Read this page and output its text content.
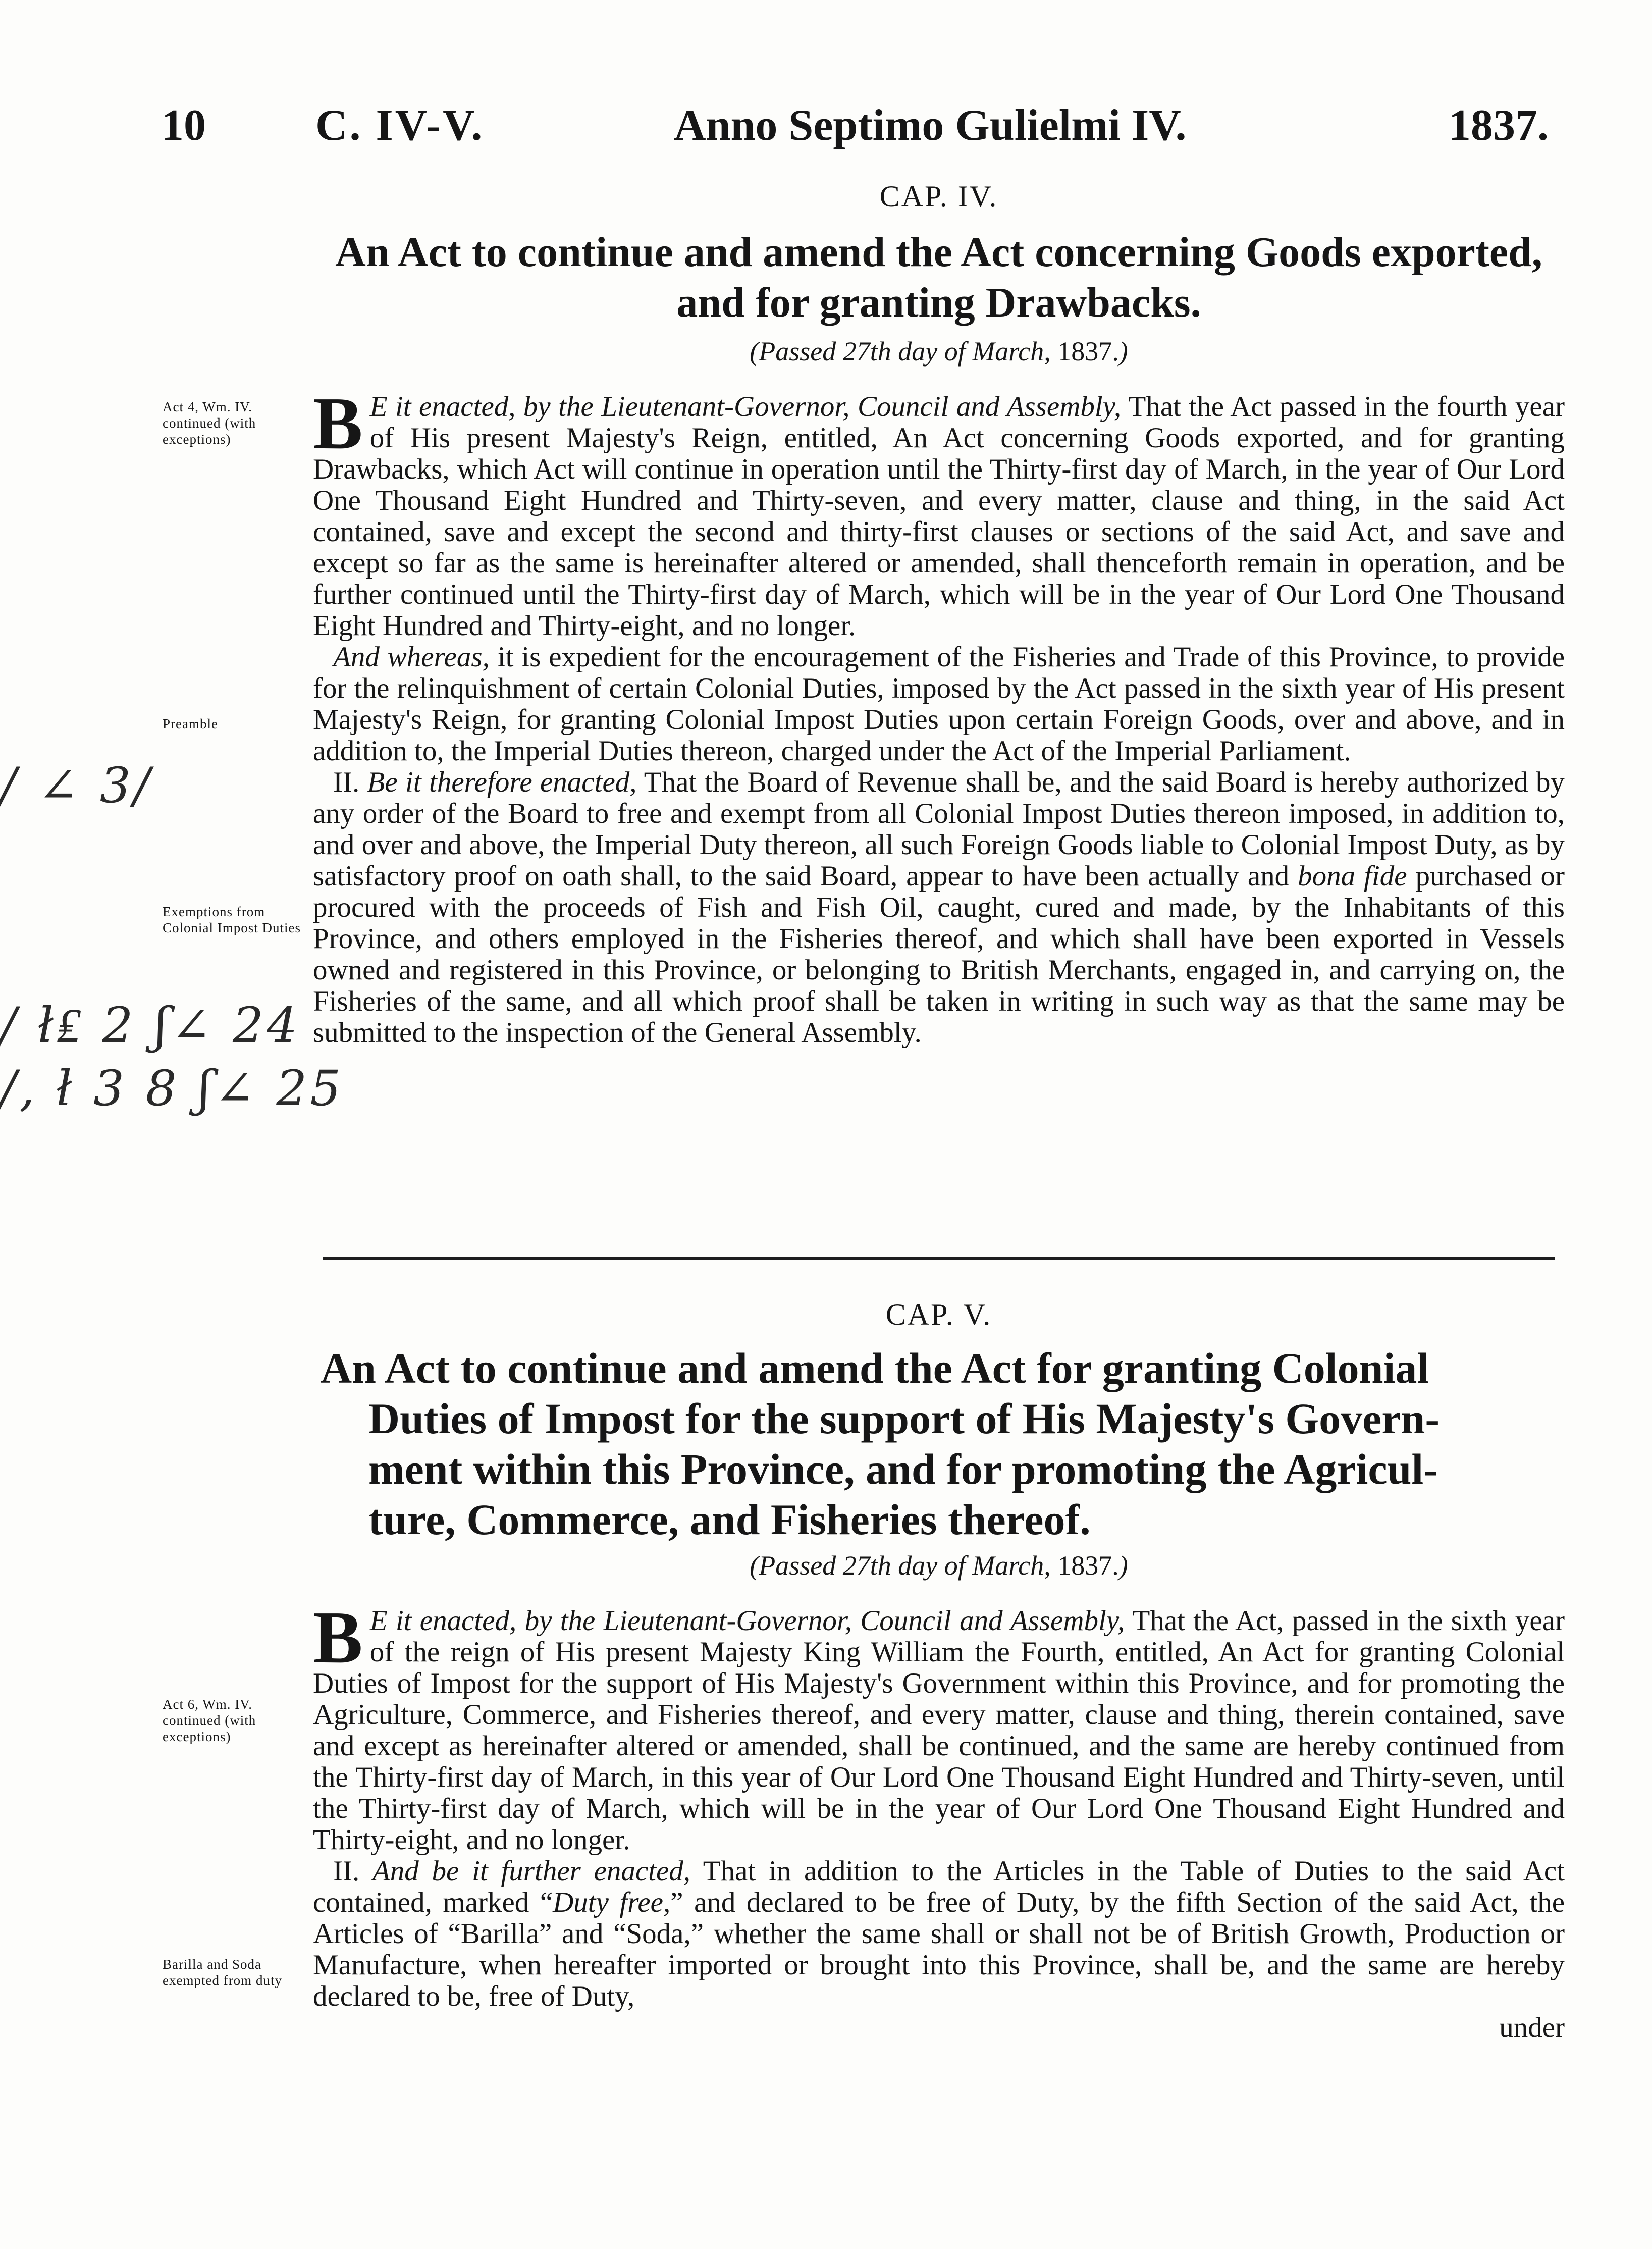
10 C. IV-V.	Anno Septimo Gulielmi IV.	1837.
CAP. IV.
An Act to continue and amend the Act concerning Goods exported, and for granting Drawbacks.
(Passed 27th day of March, 1837.)
Act 4, Wm. IV. continued (with exceptions)
Preamble
Exemptions from Colonial Impost Duties

B E it enacted, by the Lieutenant-Governor, Council and Assembly, That the Act passed in the fourth year of His present Majesty's Reign, entitled, An Act concerning Goods exported, and for granting Drawbacks, which Act will continue in operation until the Thirty-first day of March, in the year of Our Lord One Thousand Eight Hundred and Thirty-seven, and every matter, clause and thing, in the said Act contained, save and except the second and thirty-first clauses or sections of the said Act, and save and except so far as the same is hereinafter altered or amended, shall thenceforth remain in operation, and be further continued until the Thirty-first day of March, which will be in the year of Our Lord One Thousand Eight Hundred and Thirty-eight, and no longer.

And whereas, it is expedient for the encouragement of the Fisheries and Trade of this Province, to provide for the relinquishment of certain Colonial Duties, imposed by the Act passed in the sixth year of His present Majesty's Reign, for granting Colonial Impost Duties upon certain Foreign Goods, over and above, and in addition to, the Imperial Duties thereon, charged under the Act of the Imperial Parliament.

II. Be it therefore enacted, That the Board of Revenue shall be, and the said Board is hereby authorized by any order of the Board to free and exempt from all Colonial Impost Duties thereon imposed, in addition to, and over and above, the Imperial Duty thereon, all such Foreign Goods liable to Colonial Impost Duty, as by satisfactory proof on oath shall, to the said Board, appear to have been actually and bona fide purchased or procured with the proceeds of Fish and Fish Oil, caught, cured and made, by the Inhabitants of this Province, and others employed in the Fisheries thereof, and which shall have been exported in Vessels owned and registered in this Province, or belonging to British Merchants, engaged in, and carrying on, the Fisheries of the same, and all which proof shall be taken in writing in such way as that the same may be submitted to the inspection of the General Assembly.

/ ∠ 3/
/ ł₤ 2 ʃ∠ 24
/, ł 3 8 ʃ∠ 25
CAP. V.
An Act to continue and amend the Act for granting Colonial
Duties of Impost for the support of His Majesty's Govern-
ment within this Province, and for promoting the Agricul-
ture, Commerce, and Fisheries thereof.
(Passed 27th day of March, 1837.)
Act 6, Wm. IV. continued (with exceptions)
Barilla and Soda exempted from duty

B E it enacted, by the Lieutenant-Governor, Council and Assembly, That the Act, passed in the sixth year of the reign of His present Majesty King William the Fourth, entitled, An Act for granting Colonial Duties of Impost for the support of His Majesty's Government within this Province, and for promoting the Agriculture, Commerce, and Fisheries thereof, and every matter, clause and thing, therein contained, save and except as hereinafter altered or amended, shall be continued, and the same are hereby continued from the Thirty-first day of March, in this year of Our Lord One Thousand Eight Hundred and Thirty-seven, until the Thirty-first day of March, which will be in the year of Our Lord One Thousand Eight Hundred and Thirty-eight, and no longer.

II. And be it further enacted, That in addition to the Articles in the Table of Duties to the said Act contained, marked “Duty free,” and declared to be free of Duty, by the fifth Section of the said Act, the Articles of “Barilla” and “Soda,” whether the same shall or shall not be of British Growth, Production or Manufacture, when hereafter imported or brought into this Province, shall be, and the same are hereby declared to be, free of Duty,

under
